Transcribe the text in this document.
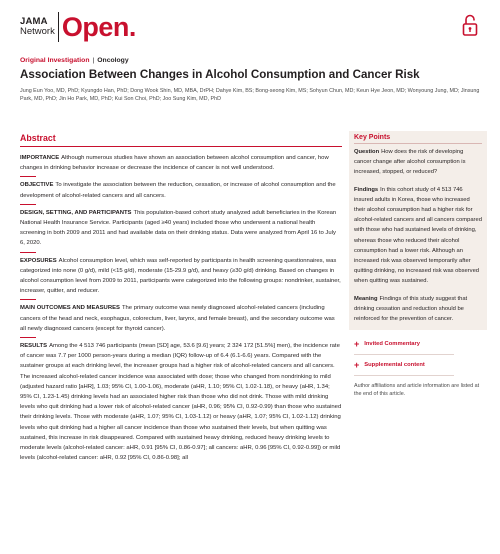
JAMA
Network Open.
Original Investigation | Oncology
Association Between Changes in Alcohol Consumption and Cancer Risk
Jung Eun Yoo, MD, PhD; Kyungdo Han, PhD; Dong Wook Shin, MD, MBA, DrPH; Dahye Kim, BS; Bong-seong Kim, MS; Sohyun Chun, MD; Keun Hye Jeon, MD; Wonyoung Jung, MD; Jinsung Park, MD, PhD; Jin Ho Park, MD, PhD; Kui Son Choi, PhD; Joo Sung Kim, MD, PhD
Abstract

IMPORTANCE Although numerous studies have shown an association between alcohol consumption and cancer, how changes in drinking behavior increase or decrease the incidence of cancer is not well understood.

OBJECTIVE To investigate the association between the reduction, cessation, or increase of alcohol consumption and the development of alcohol-related cancers and all cancers.

DESIGN, SETTING, AND PARTICIPANTS This population-based cohort study analyzed adult beneficiaries in the Korean National Health Insurance Service. Participants (aged ≥40 years) included those who underwent a national health screening in both 2009 and 2011 and had available data on their drinking status. Data were analyzed from April 16 to July 6, 2020.

EXPOSURES Alcohol consumption level, which was self-reported by participants in health screening questionnaires, was categorized into none (0 g/d), mild (<15 g/d), moderate (15-29.9 g/d), and heavy (≥30 g/d) drinking. Based on changes in alcohol consumption level from 2009 to 2011, participants were categorized into the following groups: nondrinker, sustainer, increaser, quitter, and reducer.

MAIN OUTCOMES AND MEASURES The primary outcome was newly diagnosed alcohol-related cancers (including cancers of the head and neck, esophagus, colorectum, liver, larynx, and female breast), and the secondary outcome was all newly diagnosed cancers (except for thyroid cancer).

RESULTS Among the 4 513 746 participants (mean [SD] age, 53.6 [9.6] years; 2 324 172 [51.5%] men), the incidence rate of cancer was 7.7 per 1000 person-years during a median (IQR) follow-up of 6.4 (6.1-6.6) years. Compared with the sustainer groups at each drinking level, the increaser groups had a higher risk of alcohol-related cancers and all cancers. The increased alcohol-related cancer incidence was associated with dose; those who changed from nondrinking to mild (adjusted hazard ratio [aHR], 1.03; 95% CI, 1.00-1.06), moderate (aHR, 1.10; 95% CI, 1.02-1.18), or heavy (aHR, 1.34; 95% CI, 1.23-1.45) drinking levels had an associated higher risk than those who did not drink. Those with mild drinking levels who quit drinking had a lower risk of alcohol-related cancer (aHR, 0.96; 95% CI, 0.92-0.99) than those who sustained their drinking levels. Those with moderate (aHR, 1.07; 95% CI, 1.03-1.12) or heavy (aHR, 1.07; 95% CI, 1.02-1.12) drinking levels who quit drinking had a higher all cancer incidence than those who sustained their levels, but when quitting was sustained, this increase in risk disappeared. Compared with sustained heavy drinking, reduced heavy drinking levels to moderate levels (alcohol-related cancer: aHR, 0.91 [95% CI, 0.86-0.97]; all cancers: aHR, 0.96 [95% CI, 0.92-0.99]) or mild levels (alcohol-related cancer: aHR, 0.92 [95% CI, 0.86-0.98]; all

Key Points

Question How does the risk of developing cancer change after alcohol consumption is increased, stopped, or reduced?

Findings In this cohort study of 4 513 746 insured adults in Korea, those who increased their alcohol consumption had a higher risk for alcohol-related cancers and all cancers compared with those who had sustained levels of drinking, whereas those who reduced their alcohol consumption had a lower risk. Although an increased risk was observed temporarily after quitting drinking, no increased risk was observed when quitting was sustained.

Meaning Findings of this study suggest that drinking cessation and reduction should be reinforced for the prevention of cancer.

+ Invited Commentary
+ Supplemental content
Author affiliations and article information are listed at the end of this article.
